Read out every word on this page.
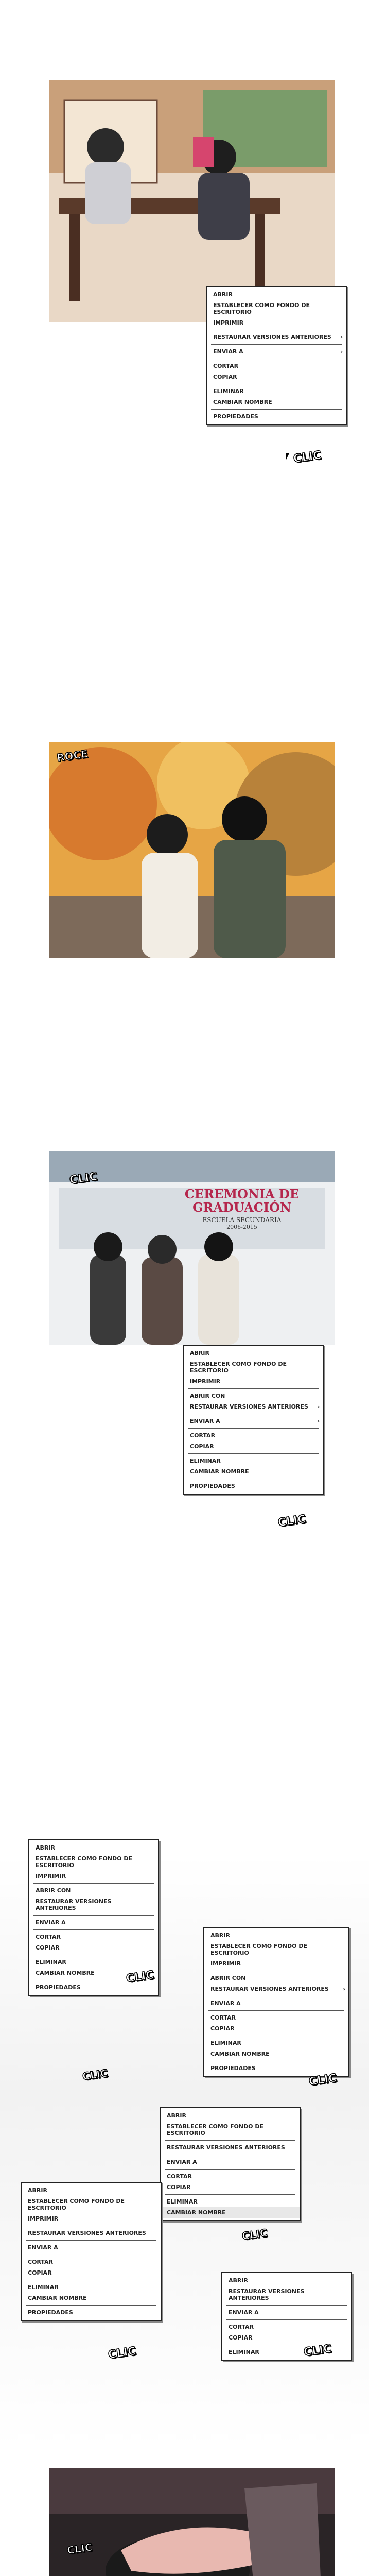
ABRIR
ESTABLECER COMO FONDO DE ESCRITORIO
IMPRIMIR
RESTAURAR VERSIONES ANTERIORES ›
ENVIAR A	›
CORTAR
COPIAR
ELIMINAR
CAMBIAR NOMBRE
PROPIEDADES
CLIC
ROCE
CEREMONIA DE GRADUACIÓN
ESCUELA SECUNDARIA
2006-2015
CLIC
ABRIR
ESTABLECER COMO FONDO DE ESCRITORIO
IMPRIMIR
ABRIR CON
RESTAURAR VERSIONES ANTERIORES ›
ENVIAR A	›
CORTAR
COPIAR
ELIMINAR
CAMBIAR NOMBRE
PROPIEDADES
CLIC
ABRIR
ESTABLECER COMO FONDO DE ESCRITORIO
IMPRIMIR
ABRIR CON
RESTAURAR VERSIONES ANTERIORES
ENVIAR A
CORTAR
COPIAR
ELIMINAR
CAMBIAR NOMBRE
PROPIEDADES
CLIC
ABRIR
ESTABLECER COMO FONDO DE ESCRITORIO
IMPRIMIR
ABRIR CON
RESTAURAR VERSIONES ANTERIORES	›
ENVIAR A
CORTAR
COPIAR
ELIMINAR
CAMBIAR NOMBRE
PROPIEDADES
CLIC
CLIC
ABRIR
ESTABLECER COMO FONDO DE ESCRITORIO
RESTAURAR VERSIONES ANTERIORES
ENVIAR A
CORTAR
COPIAR
ELIMINAR
CAMBIAR NOMBRE
ABRIR
ESTABLECER COMO FONDO DE ESCRITORIO
IMPRIMIR
RESTAURAR VERSIONES ANTERIORES
ENVIAR A
CORTAR
COPIAR
ELIMINAR
CAMBIAR NOMBRE
PROPIEDADES
CLIC
ABRIR
RESTAURAR VERSIONES ANTERIORES
ENVIAR A
CORTAR
COPIAR
ELIMINAR	CLIC
CLIC
CLIC
